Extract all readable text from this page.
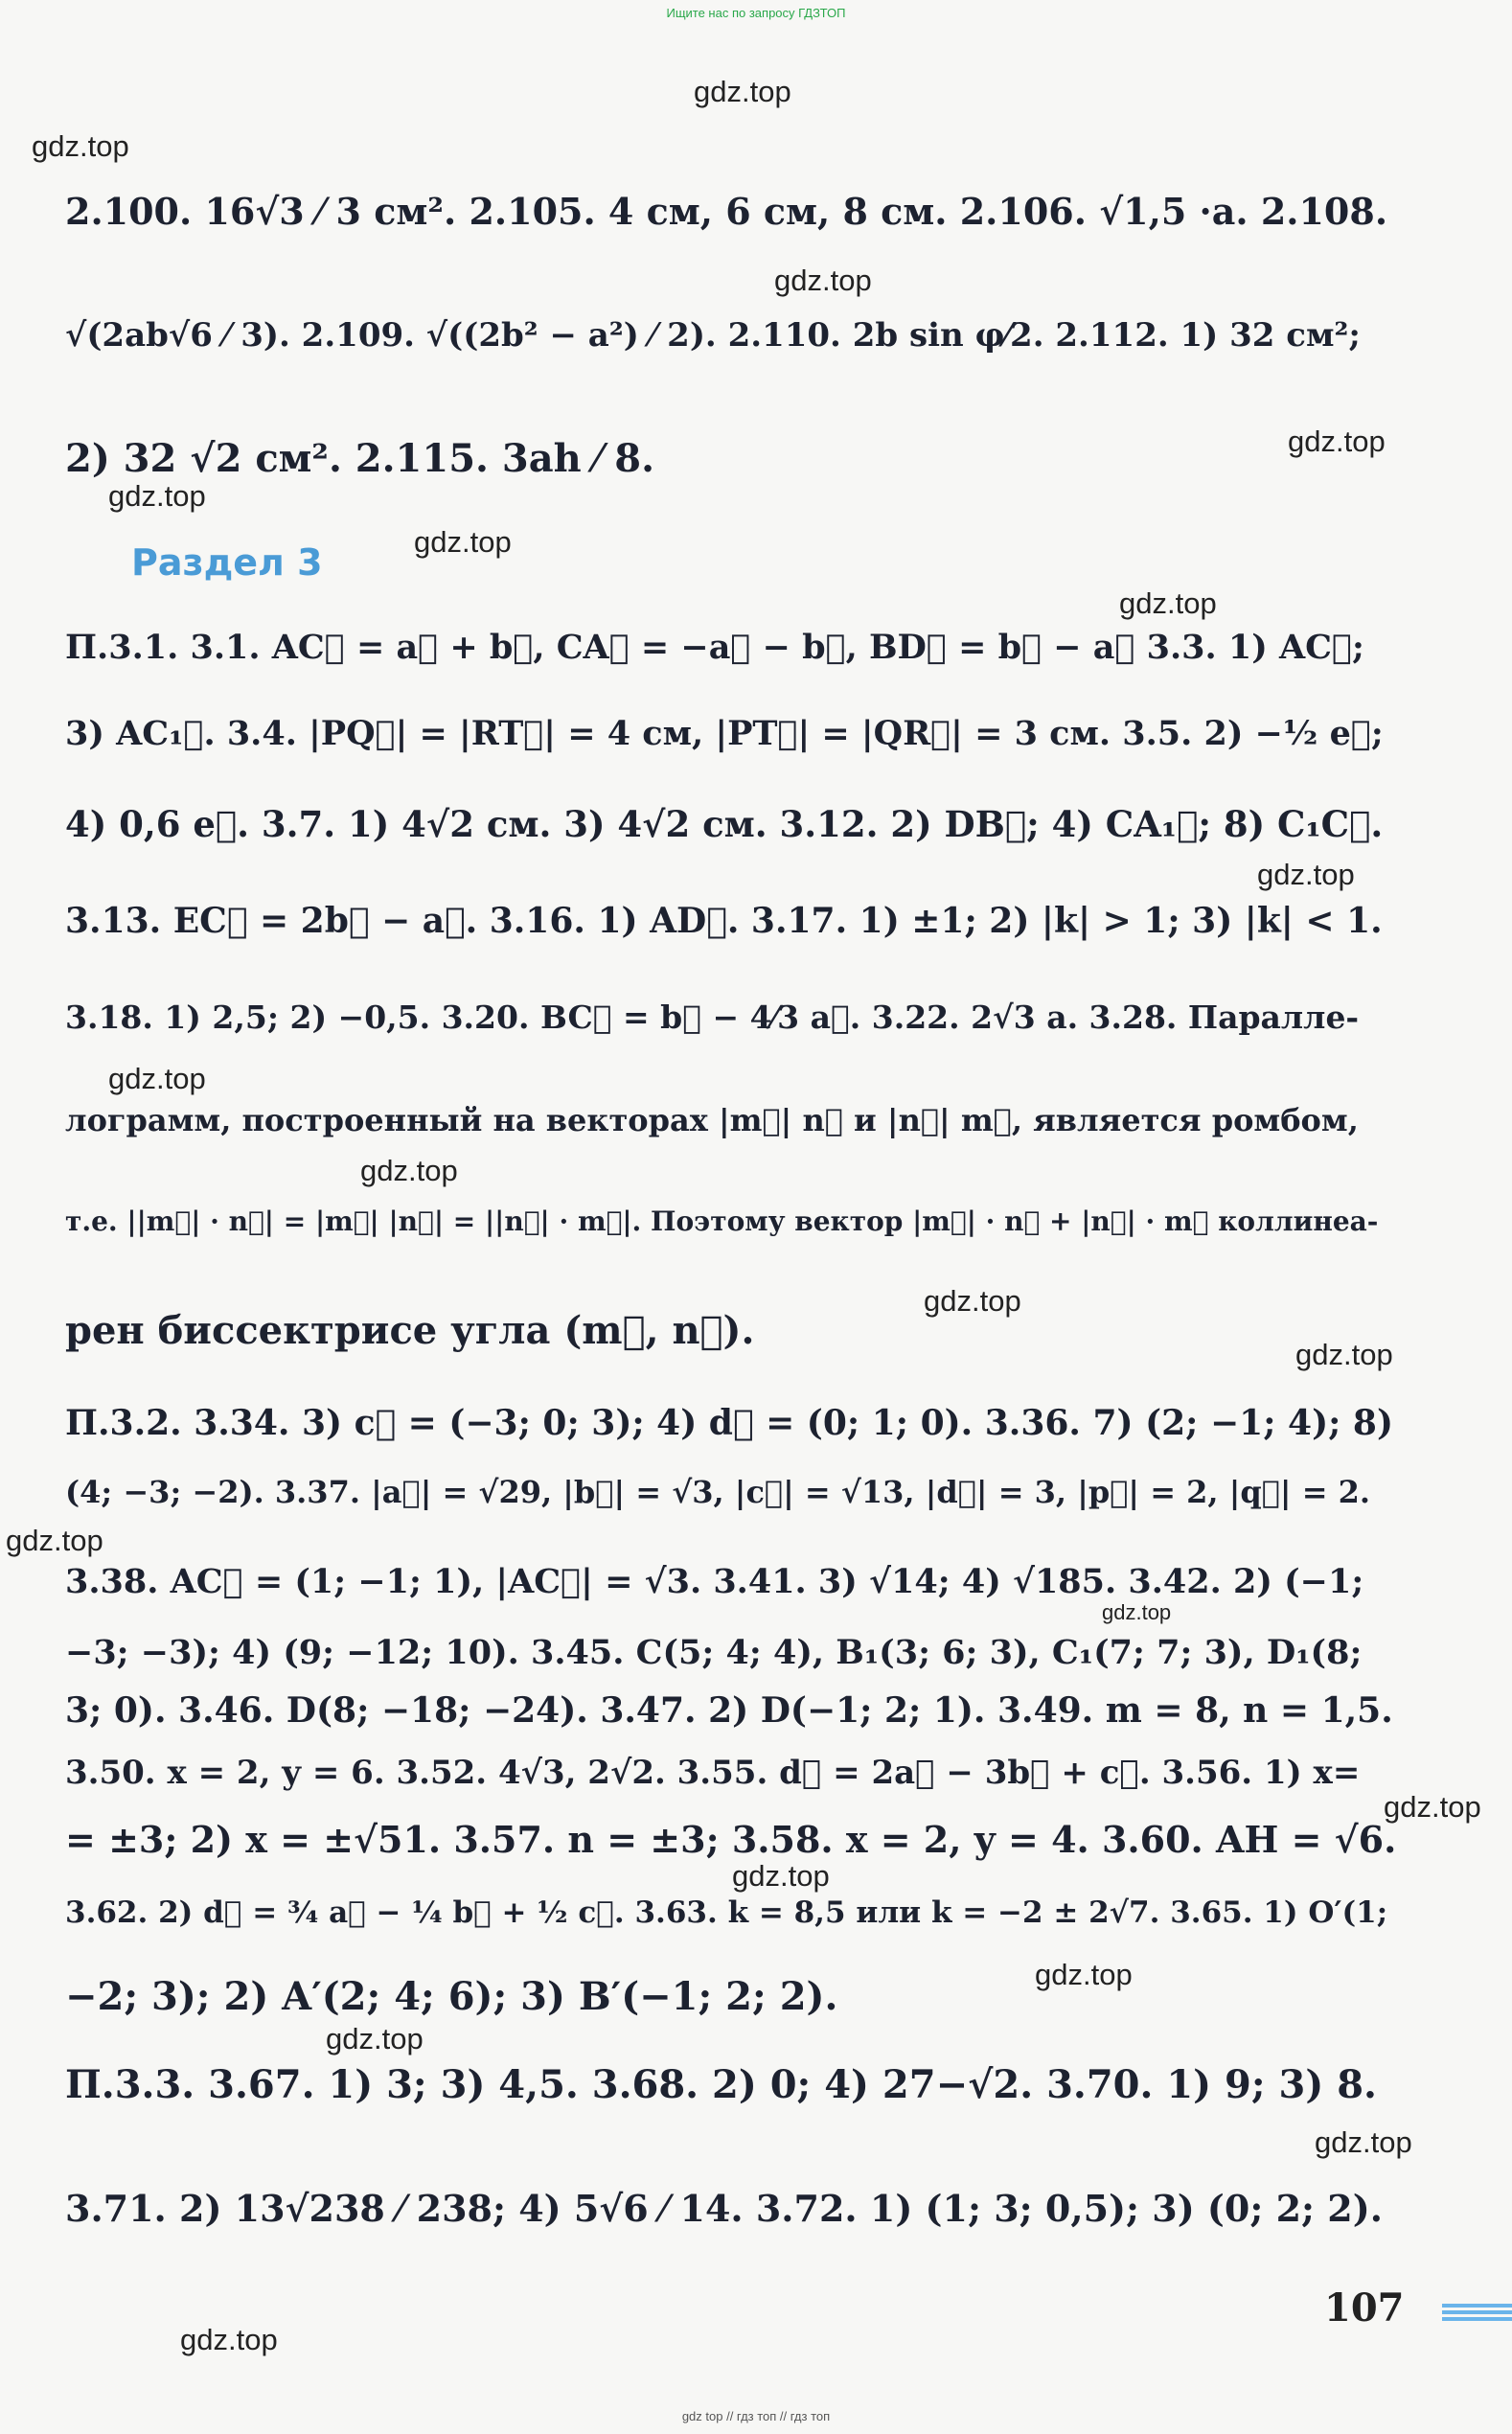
Ищите нас по запросу ГДЗТОП
gdz.top
gdz.top
gdz.top
gdz.top
gdz.top
gdz.top
gdz.top
gdz.top
gdz.top
gdz.top
gdz.top
gdz.top
gdz.top
gdz.top
gdz.top
gdz.top
gdz.top
gdz.top
gdz.top
gdz.top
2.100. 16√3 ⁄ 3 см². 2.105. 4 см, 6 см, 8 см. 2.106. √1,5 ·a. 2.108.
√(2ab√6 ⁄ 3). 2.109. √((2b² − a²) ⁄ 2). 2.110. 2b sin φ⁄2. 2.112. 1) 32 см²;
2) 32 √2 см². 2.115. 3ah ⁄ 8.
Раздел 3
П.3.1. 3.1. AC⃗ = a⃗ + b⃗, CA⃗ = −a⃗ − b⃗, BD⃗ = b⃗ − a⃗ 3.3. 1) AC⃗;
3) AC₁⃗. 3.4. |PQ⃗| = |RT⃗| = 4 см, |PT⃗| = |QR⃗| = 3 см. 3.5. 2) −½ e⃗;
4) 0,6 e⃗. 3.7. 1) 4√2 см. 3) 4√2 см. 3.12. 2) DB⃗; 4) CA₁⃗; 8) C₁C⃗.
3.13. EC⃗ = 2b⃗ − a⃗. 3.16. 1) AD⃗. 3.17. 1) ±1; 2) |k| > 1; 3) |k| < 1.
3.18. 1) 2,5; 2) −0,5. 3.20. BC⃗ = b⃗ − 4⁄3 a⃗. 3.22. 2√3 a. 3.28. Паралле-
лограмм, построенный на векторах |m⃗| n⃗ и |n⃗| m⃗, является ромбом,
т.е. ||m⃗| · n⃗| = |m⃗| |n⃗| = ||n⃗| · m⃗|. Поэтому вектор |m⃗| · n⃗ + |n⃗| · m⃗ коллинеа-
рен биссектрисе угла (m⃗, n⃗).
П.3.2. 3.34. 3) c⃗ = (−3; 0; 3); 4) d⃗ = (0; 1; 0). 3.36. 7) (2; −1; 4); 8)
(4; −3; −2). 3.37. |a⃗| = √29, |b⃗| = √3, |c⃗| = √13, |d⃗| = 3, |p⃗| = 2, |q⃗| = 2.
3.38. AC⃗ = (1; −1; 1), |AC⃗| = √3. 3.41. 3) √14; 4) √185. 3.42. 2) (−1;
−3; −3); 4) (9; −12; 10). 3.45. C(5; 4; 4), B₁(3; 6; 3), C₁(7; 7; 3), D₁(8;
3; 0). 3.46. D(8; −18; −24). 3.47. 2) D(−1; 2; 1). 3.49. m = 8, n = 1,5.
3.50. x = 2, y = 6. 3.52. 4√3, 2√2. 3.55. d⃗ = 2a⃗ − 3b⃗ + c⃗. 3.56. 1) x=
= ±3; 2) x = ±√51. 3.57. n = ±3; 3.58. x = 2, y = 4. 3.60. AH = √6.
3.62. 2) d⃗ = ¾ a⃗ − ¼ b⃗ + ½ c⃗. 3.63. k = 8,5 или k = −2 ± 2√7. 3.65. 1) O′(1;
−2; 3); 2) A′(2; 4; 6); 3) B′(−1; 2; 2).
П.3.3. 3.67. 1) 3; 3) 4,5. 3.68. 2) 0; 4) 27−√2. 3.70. 1) 9; 3) 8.
3.71. 2) 13√238 ⁄ 238; 4) 5√6 ⁄ 14. 3.72. 1) (1; 3; 0,5); 3) (0; 2; 2).
107
gdz top // гдз топ // гдз топ
